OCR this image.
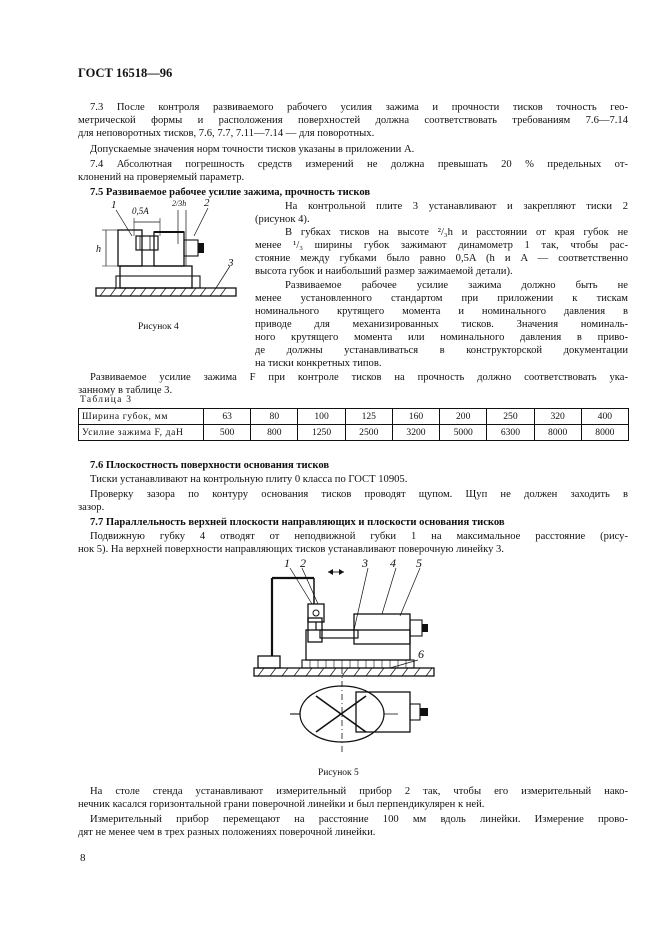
ГОСТ 16518—96
7.3 После контроля развиваемого рабочего усилия зажима и прочности тисков точность гео-
метрической формы и расположения поверхностей должна соответствовать требованиям 7.6—7.14
для неповоротных тисков, 7.6, 7.7, 7.11—7.14 — для поворотных.
Допускаемые значения норм точности тисков указаны в приложении А.
7.4 Абсолютная погрешность средств измерений не должна превышать 20 % предельных от-
клонений на проверяемый параметр.
7.5 Развиваемое рабочее усилие зажима, прочность тисков
1 0,5A
2/3h 2
h
3
Рисунок 4
На контрольной плите 3 устанавливают и закрепляют тиски 2
(рисунок 4).
В губках тисков на высоте ²/₃h и расстоянии от края губок не
менее ¹/₃ ширины губок зажимают динамометр 1 так, чтобы рас-
стояние между губками было равно 0,5A (h и A — соответственно
высота губок и наибольший размер зажимаемой детали).
Развиваемое рабочее усилие зажима должно быть не
менее установленного стандартом при приложении к тискам
номинального крутящего момента и номинального давления в
приводе для механизированных тисков. Значения номиналь-
ного крутящего момента или номинального давления в приво-
де должны устанавливаться в конструкторской документации
на тиски конкретных типов.
Развиваемое усилие зажима F при контроле тисков на прочность должно соответствовать ука-
занному в таблице 3.
Таблица 3
Ширина губок, мм	63	80	100	125	160	200	250	320	400
Усилие зажима F, даН	500	800	1250	2500	3200	5000	6300	8000	8000
7.6 Плоскостность поверхности основания тисков
Тиски устанавливают на контрольную плиту 0 класса по ГОСТ 10905.
Проверку зазора по контуру основания тисков проводят щупом. Щуп не должен заходить в
зазор.
7.7 Параллельность верхней плоскости направляющих и плоскости основания тисков
Подвижную губку 4 отводят от неподвижной губки 1 на максимальное расстояние (рису-
нок 5). На верхней поверхности направляющих тисков устанавливают поверочную линейку 3.
1 2	3 4 5
6
Рисунок 5
На столе стенда устанавливают измерительный прибор 2 так, чтобы его измерительный нако-
нечник касался горизонтальной грани поверочной линейки и был перпендикулярен к ней.
Измерительный прибор перемещают на расстояние 100 мм вдоль линейки. Измерение прово-
дят не менее чем в трех разных положениях поверочной линейки.
8
